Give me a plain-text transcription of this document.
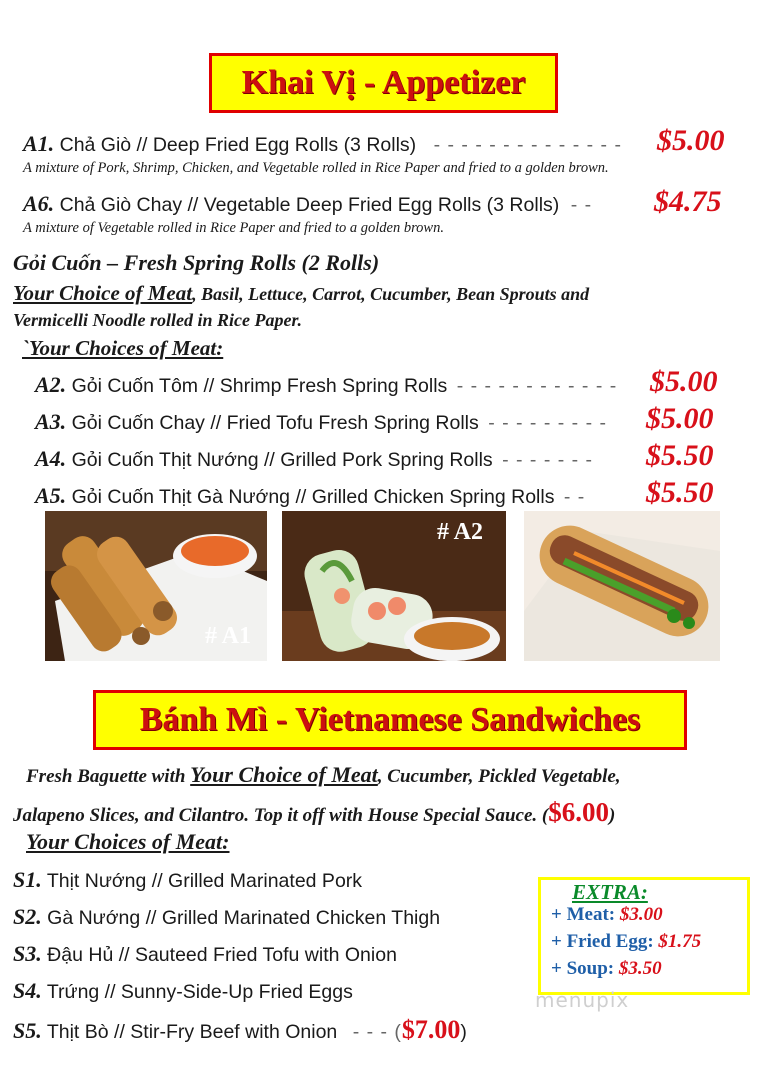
Khai Vị - Appetizer
A1. Chả Giò // Deep Fried Egg Rolls (3 Rolls) - - - - - - - - - - - - - - $5.00
A mixture of Pork, Shrimp, Chicken, and Vegetable rolled in Rice Paper and fried to a golden brown.
A6. Chả Giò Chay // Vegetable Deep Fried Egg Rolls (3 Rolls) - - $4.75
A mixture of Vegetable rolled in Rice Paper and fried to a golden brown.
Gỏi Cuốn – Fresh Spring Rolls (2 Rolls)
Your Choice of Meat, Basil, Lettuce, Carrot, Cucumber, Bean Sprouts and
Vermicelli Noodle rolled in Rice Paper.
`Your Choices of Meat:
A2. Gỏi Cuốn Tôm // Shrimp Fresh Spring Rolls - - - - - - - - - - - - $5.00
A3. Gỏi Cuốn Chay // Fried Tofu Fresh Spring Rolls - - - - - - - - - $5.00
A4. Gỏi Cuốn Thịt Nướng // Grilled Pork Spring Rolls - - - - - - - $5.50
A5. Gỏi Cuốn Thịt Gà Nướng // Grilled Chicken Spring Rolls - - $5.50
# A1
# A2
Bánh Mì - Vietnamese Sandwiches
Fresh Baguette with Your Choice of Meat, Cucumber, Pickled Vegetable,
Jalapeno Slices, and Cilantro. Top it off with House Special Sauce. ($6.00)
Your Choices of Meat:
S1. Thịt Nướng // Grilled Marinated Pork
S2. Gà Nướng // Grilled Marinated Chicken Thigh
S3. Đậu Hủ // Sauteed Fried Tofu with Onion
S4. Trứng // Sunny-Side-Up Fried Eggs
S5. Thịt Bò // Stir-Fry Beef with Onion - - - ($7.00)
EXTRA:
+ Meat: $3.00
+ Fried Egg: $1.75
+ Soup: $3.50
menupix
